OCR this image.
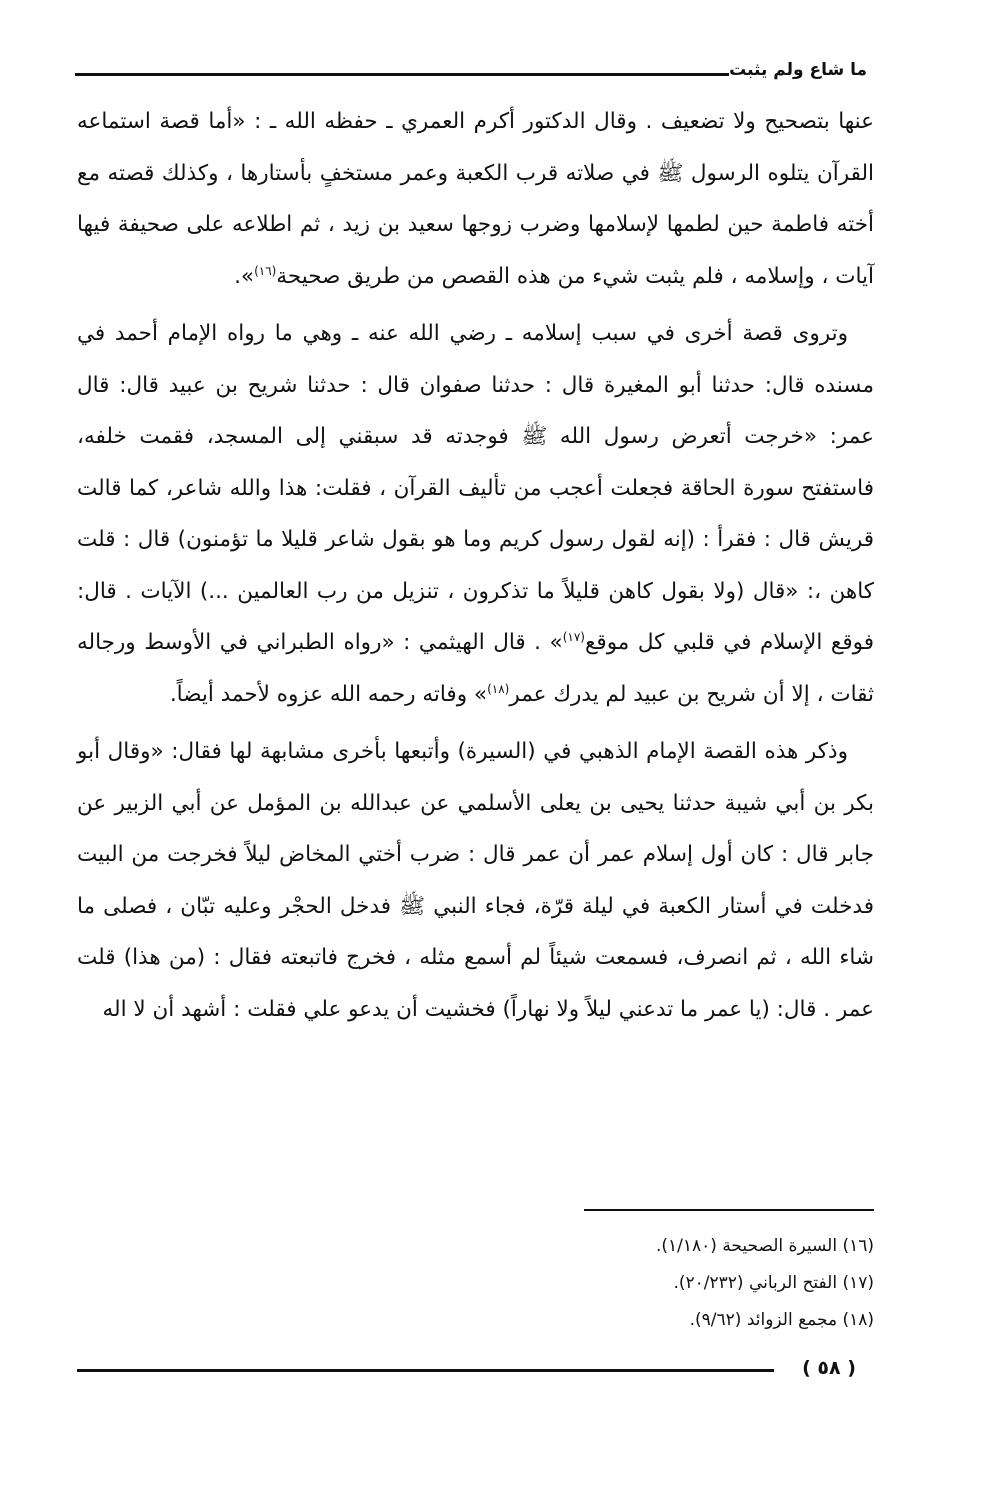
ما شاع ولم يثبت

عنها بتصحيح ولا تضعيف . وقال الدكتور أكرم العمري ـ حفظه الله ـ : «أما قصة استماعه القرآن يتلوه الرسول ﷺ في صلاته قرب الكعبة وعمر مستخفٍ بأستارها ، وكذلك قصته مع أخته فاطمة حين لطمها لإسلامها وضرب زوجها سعيد بن زيد ، ثم اطلاعه على صحيفة فيها آيات ، وإسلامه ، فلم يثبت شيء من هذه القصص من طريق صحيحة$^{(١٦)}$».

وتروى قصة أخرى في سبب إسلامه ـ رضي الله عنه ـ وهي ما رواه الإمام أحمد في مسنده قال: حدثنا أبو المغيرة قال : حدثنا صفوان قال : حدثنا شريح بن عبيد قال: قال عمر: «خرجت أتعرض رسول الله ﷺ فوجدته قد سبقني إلى المسجد، فقمت خلفه، فاستفتح سورة الحاقة فجعلت أعجب من تأليف القرآن ، فقلت: هذا والله شاعر، كما قالت قريش قال : فقرأ : (إنه لقول رسول كريم وما هو بقول شاعر قليلا ما تؤمنون) قال : قلت كاهن ،: «قال (ولا بقول كاهن قليلاً ما تذكرون ، تنزيل من رب العالمين ...) الآيات . قال: فوقع الإسلام في قلبي كل موقع$^{(١٧)}$» . قال الهيثمي : «رواه الطبراني في الأوسط ورجاله ثقات ، إلا أن شريح بن عبيد لم يدرك عمر$^{(١٨)}$» وفاته رحمه الله عزوه لأحمد أيضاً.

وذكر هذه القصة الإمام الذهبي في (السيرة) وأتبعها بأخرى مشابهة لها فقال: «وقال أبو بكر بن أبي شيبة حدثنا يحيى بن يعلى الأسلمي عن عبدالله بن المؤمل عن أبي الزبير عن جابر قال : كان أول إسلام عمر أن عمر قال : ضرب أختي المخاض ليلاً فخرجت من البيت فدخلت في أستار الكعبة في ليلة قرّة، فجاء النبي ﷺ فدخل الحجْر وعليه تبّان ، فصلى ما شاء الله ، ثم انصرف، فسمعت شيئاً لم أسمع مثله ، فخرج فاتبعته فقال : (من هذا) قلت عمر . قال: (يا عمر ما تدعني ليلاً ولا نهاراً) فخشيت أن يدعو علي فقلت : أشهد أن لا اله

(١٦) السيرة الصحيحة (١/١٨٠).
(١٧) الفتح الرباني (٢٠/٢٣٢).
(١٨) مجمع الزوائد (٩/٦٢).
( ٥٨ )
